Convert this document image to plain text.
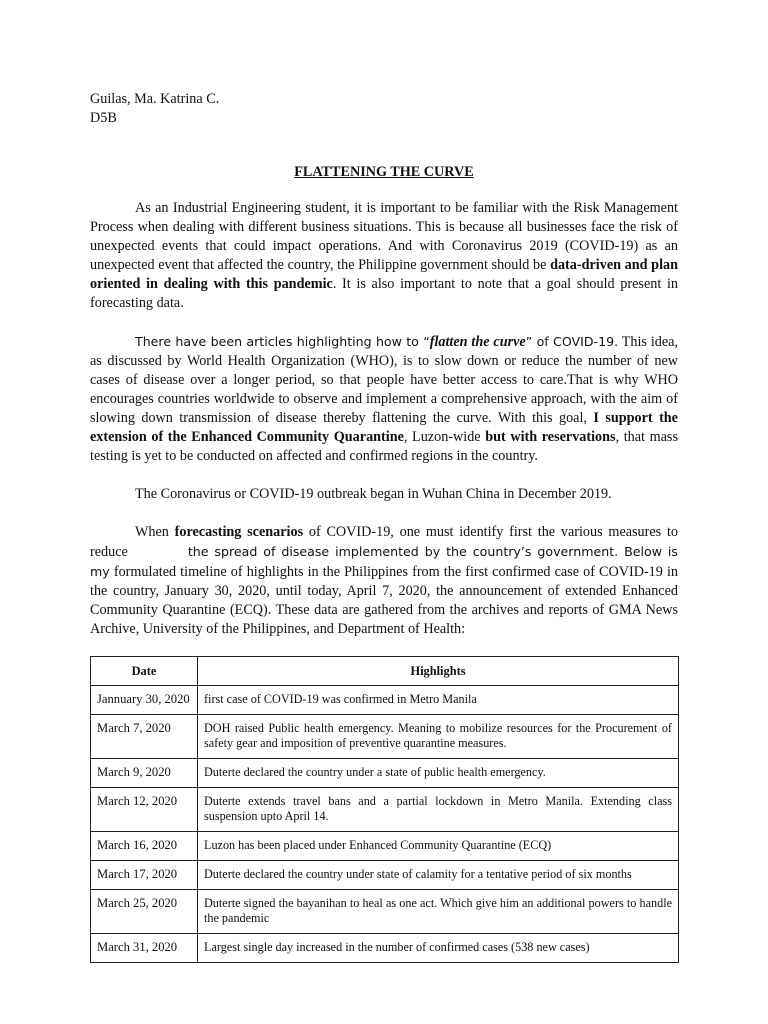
Guilas, Ma. Katrina C.

D5B

FLATTENING THE CURVE

As an Industrial Engineering student, it is important to be familiar with the Risk Management Process when dealing with different business situations. This is because all businesses face the risk of unexpected events that could impact operations. And with Coronavirus 2019 (COVID-19) as an unexpected event that affected the country, the Philippine government should be data-driven and plan oriented in dealing with this pandemic. It is also important to note that a goal should present in forecasting data.

There have been articles highlighting how to “flatten the curve” of COVID-19. This idea, as discussed by World Health Organization (WHO), is to slow down or reduce the number of new cases of disease over a longer period, so that people have better access to care.That is why WHO encourages countries worldwide to observe and implement a comprehensive approach, with the aim of slowing down transmission of disease thereby flattening the curve. With this goal, I support the extension of the Enhanced Community Quarantine, Luzon-wide but with reservations, that mass testing is yet to be conducted on affected and confirmed regions in the country.

The Coronavirus or COVID-19 outbreak began in Wuhan China in December 2019.

When forecasting scenarios of COVID-19, one must identify first the various measures to reduce	the spread of disease implemented by the country’s government. Below is my formulated timeline of highlights in the Philippines from the first confirmed case of COVID-19 in the country, January 30, 2020, until today, April 7, 2020, the announcement of extended Enhanced Community Quarantine (ECQ). These data are gathered from the archives and reports of GMA News Archive, University of the Philippines, and Department of Health:

Date	Highlights
Jannuary 30, 2020	first case of COVID-19 was confirmed in Metro Manila
March 7, 2020	DOH raised Public health emergency. Meaning to mobilize resources for the Procurement of safety gear and imposition of preventive quarantine measures.
March 9, 2020	Duterte declared the country under a state of public health emergency.
March 12, 2020	Duterte extends travel bans and a partial lockdown in Metro Manila. Extending class suspension upto April 14.
March 16, 2020	Luzon has been placed under Enhanced Community Quarantine (ECQ)
March 17, 2020	Duterte declared the country under state of calamity for a tentative period of six months
March 25, 2020	Duterte signed the bayanihan to heal as one act. Which give him an additional powers to handle the pandemic
March 31, 2020	Largest single day increased in the number of confirmed cases (538 new cases)
